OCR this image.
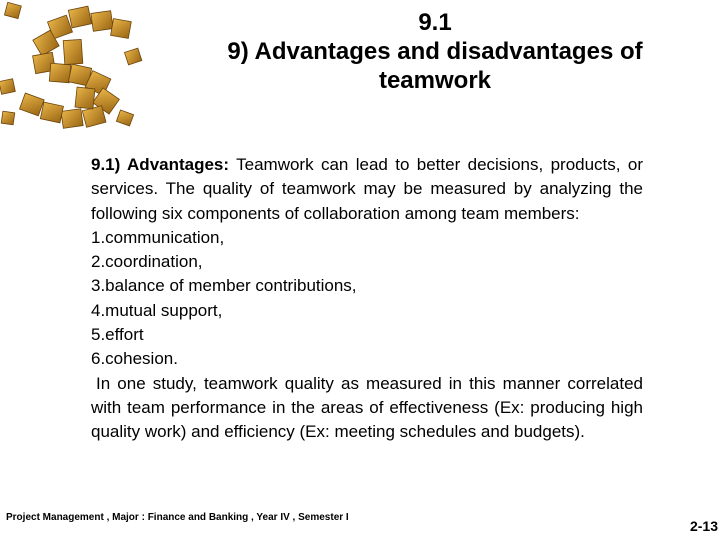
9.1
9) Advantages and disadvantages of
teamwork
9.1) Advantages: Teamwork can lead to better decisions, products, or services. The quality of teamwork may be measured by analyzing the following six components of collaboration among team members:
1.communication,
2.coordination,
3.balance of member contributions,
4.mutual support,
5.effort
6.cohesion.
In one study, teamwork quality as measured in this manner correlated with team performance in the areas of effectiveness (Ex: producing high quality work) and efficiency (Ex: meeting schedules and budgets).
Project Management , Major : Finance and Banking , Year IV , Semester I
2-13
